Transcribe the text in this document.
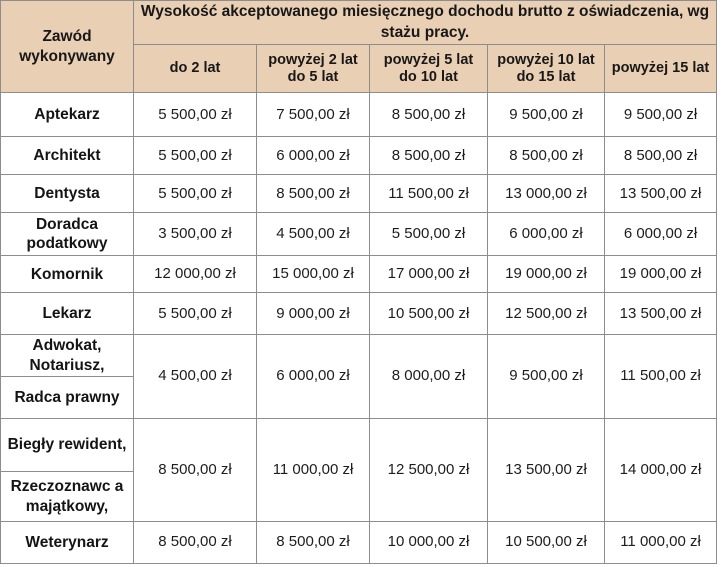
Zawód
wykonywany	Wysokość akceptowanego miesięcznego dochodu brutto z oświadczenia, wg stażu pracy.				
	do 2 lat	powyżej 2 lat do 5 lat	powyżej 5 lat do 10 lat	powyżej 10 lat do 15 lat	powyżej 15 lat
Aptekarz	5 500,00 zł	7 500,00 zł	8 500,00 zł	9 500,00 zł	9 500,00 zł
Architekt	5 500,00 zł	6 000,00 zł	8 500,00 zł	8 500,00 zł	8 500,00 zł
Dentysta	5 500,00 zł	8 500,00 zł	11 500,00 zł	13 000,00 zł	13 500,00 zł
Doradca podatkowy	3 500,00 zł	4 500,00 zł	5 500,00 zł	6 000,00 zł	6 000,00 zł
Komornik	12 000,00 zł	15 000,00 zł	17 000,00 zł	19 000,00 zł	19 000,00 zł
Lekarz	5 500,00 zł	9 000,00 zł	10 500,00 zł	12 500,00 zł	13 500,00 zł
Adwokat, Notariusz,	4 500,00 zł	6 000,00 zł	8 000,00 zł	9 500,00 zł	11 500,00 zł
Radca prawny					
Biegły rewident,	8 500,00 zł	11 000,00 zł	12 500,00 zł	13 500,00 zł	14 000,00 zł
Rzeczoznawc a majątkowy,					
Weterynarz	8 500,00 zł	8 500,00 zł	10 000,00 zł	10 500,00 zł	11 000,00 zł
